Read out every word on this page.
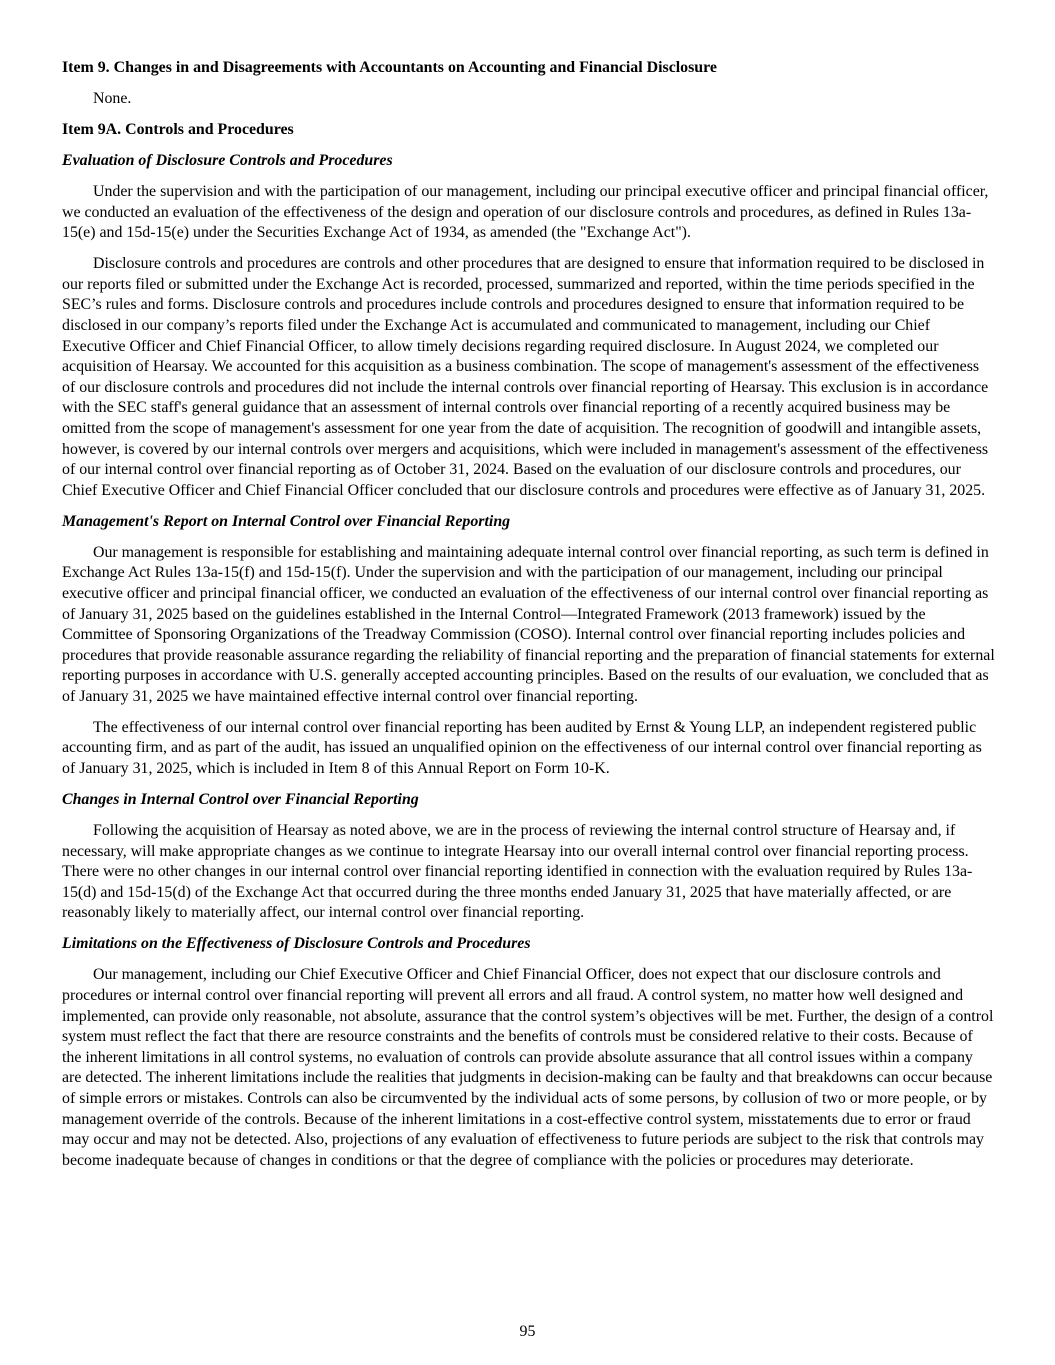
Item 9. Changes in and Disagreements with Accountants on Accounting and Financial Disclosure

None.

Item 9A. Controls and Procedures
Evaluation of Disclosure Controls and Procedures

Under the supervision and with the participation of our management, including our principal executive officer and principal financial officer, we conducted an evaluation of the effectiveness of the design and operation of our disclosure controls and procedures, as defined in Rules 13a-15(e) and 15d-15(e) under the Securities Exchange Act of 1934, as amended (the "Exchange Act").

Disclosure controls and procedures are controls and other procedures that are designed to ensure that information required to be disclosed in our reports filed or submitted under the Exchange Act is recorded, processed, summarized and reported, within the time periods specified in the SEC’s rules and forms. Disclosure controls and procedures include controls and procedures designed to ensure that information required to be disclosed in our company’s reports filed under the Exchange Act is accumulated and communicated to management, including our Chief Executive Officer and Chief Financial Officer, to allow timely decisions regarding required disclosure. In August 2024, we completed our acquisition of Hearsay. We accounted for this acquisition as a business combination. The scope of management's assessment of the effectiveness of our disclosure controls and procedures did not include the internal controls over financial reporting of Hearsay. This exclusion is in accordance with the SEC staff's general guidance that an assessment of internal controls over financial reporting of a recently acquired business may be omitted from the scope of management's assessment for one year from the date of acquisition. The recognition of goodwill and intangible assets, however, is covered by our internal controls over mergers and acquisitions, which were included in management's assessment of the effectiveness of our internal control over financial reporting as of October 31, 2024. Based on the evaluation of our disclosure controls and procedures, our Chief Executive Officer and Chief Financial Officer concluded that our disclosure controls and procedures were effective as of January 31, 2025.

Management's Report on Internal Control over Financial Reporting

Our management is responsible for establishing and maintaining adequate internal control over financial reporting, as such term is defined in Exchange Act Rules 13a-15(f) and 15d-15(f). Under the supervision and with the participation of our management, including our principal executive officer and principal financial officer, we conducted an evaluation of the effectiveness of our internal control over financial reporting as of January 31, 2025 based on the guidelines established in the Internal Control—Integrated Framework (2013 framework) issued by the Committee of Sponsoring Organizations of the Treadway Commission (COSO). Internal control over financial reporting includes policies and procedures that provide reasonable assurance regarding the reliability of financial reporting and the preparation of financial statements for external reporting purposes in accordance with U.S. generally accepted accounting principles. Based on the results of our evaluation, we concluded that as of January 31, 2025 we have maintained effective internal control over financial reporting.

The effectiveness of our internal control over financial reporting has been audited by Ernst & Young LLP, an independent registered public accounting firm, and as part of the audit, has issued an unqualified opinion on the effectiveness of our internal control over financial reporting as of January 31, 2025, which is included in Item 8 of this Annual Report on Form 10-K.

Changes in Internal Control over Financial Reporting

Following the acquisition of Hearsay as noted above, we are in the process of reviewing the internal control structure of Hearsay and, if necessary, will make appropriate changes as we continue to integrate Hearsay into our overall internal control over financial reporting process. There were no other changes in our internal control over financial reporting identified in connection with the evaluation required by Rules 13a-15(d) and 15d-15(d) of the Exchange Act that occurred during the three months ended January 31, 2025 that have materially affected, or are reasonably likely to materially affect, our internal control over financial reporting.

Limitations on the Effectiveness of Disclosure Controls and Procedures

Our management, including our Chief Executive Officer and Chief Financial Officer, does not expect that our disclosure controls and procedures or internal control over financial reporting will prevent all errors and all fraud. A control system, no matter how well designed and implemented, can provide only reasonable, not absolute, assurance that the control system’s objectives will be met. Further, the design of a control system must reflect the fact that there are resource constraints and the benefits of controls must be considered relative to their costs. Because of the inherent limitations in all control systems, no evaluation of controls can provide absolute assurance that all control issues within a company are detected. The inherent limitations include the realities that judgments in decision-making can be faulty and that breakdowns can occur because of simple errors or mistakes. Controls can also be circumvented by the individual acts of some persons, by collusion of two or more people, or by management override of the controls. Because of the inherent limitations in a cost-effective control system, misstatements due to error or fraud may occur and may not be detected. Also, projections of any evaluation of effectiveness to future periods are subject to the risk that controls may become inadequate because of changes in conditions or that the degree of compliance with the policies or procedures may deteriorate.

95
